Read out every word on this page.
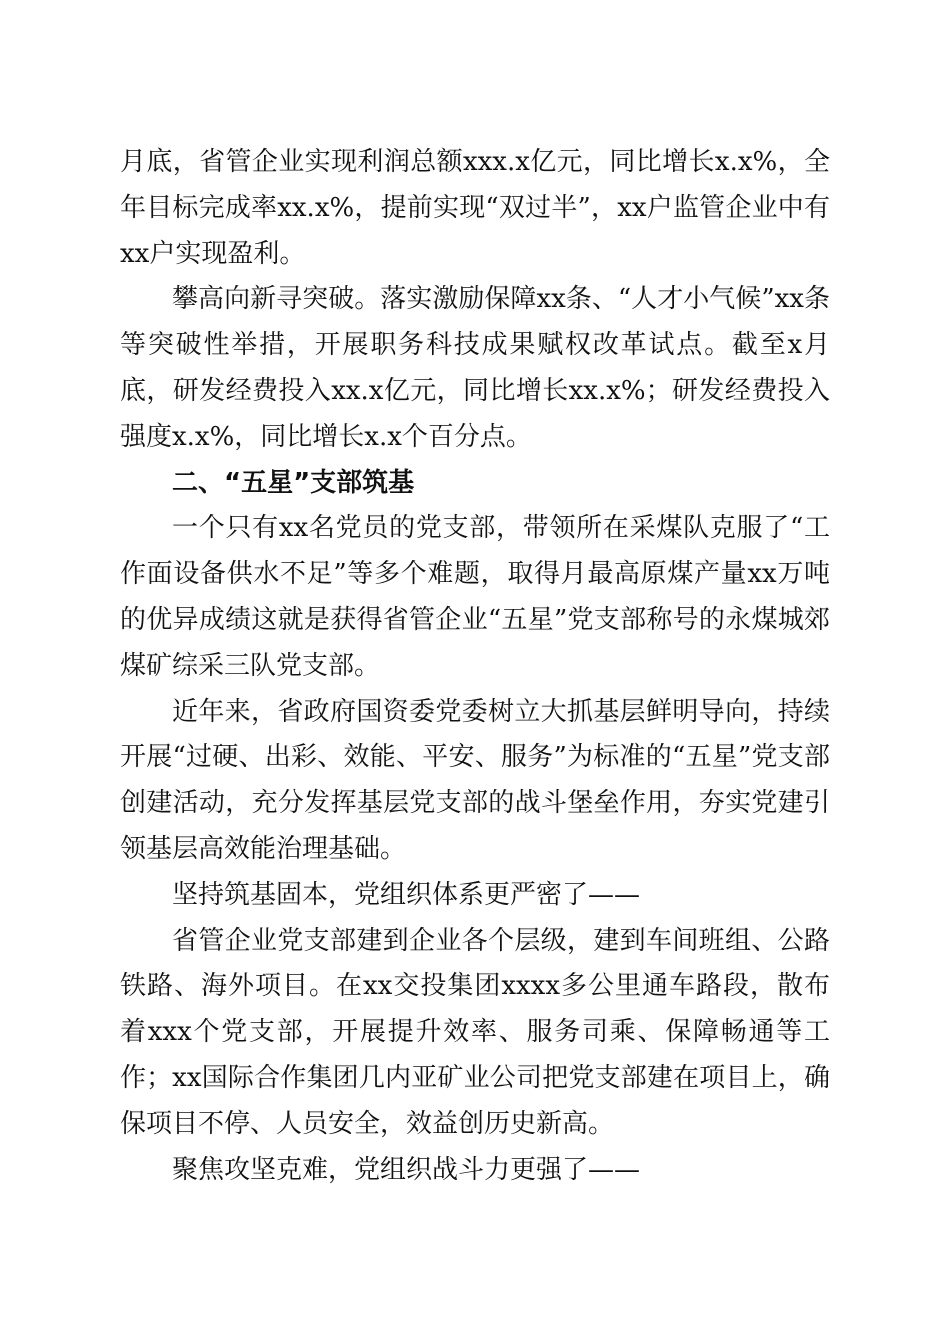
月底，省管企业实现利润总额xxx.x亿元，同比增长x.x%，全年目标完成率xx.x%，提前实现“双过半”，xx户监管企业中有xx户实现盈利。

攀高向新寻突破。落实激励保障xx条、“人才小气候”xx条等突破性举措，开展职务科技成果赋权改革试点。截至x月底，研发经费投入xx.x亿元，同比增长xx.x%；研发经费投入强度x.x%，同比增长x.x个百分点。

二、“五星”支部筑基

一个只有xx名党员的党支部，带领所在采煤队克服了“工作面设备供水不足”等多个难题，取得月最高原煤产量xx万吨的优异成绩这就是获得省管企业“五星”党支部称号的永煤城郊煤矿综采三队党支部。

近年来，省政府国资委党委树立大抓基层鲜明导向，持续开展“过硬、出彩、效能、平安、服务”为标准的“五星”党支部创建活动，充分发挥基层党支部的战斗堡垒作用，夯实党建引领基层高效能治理基础。

坚持筑基固本，党组织体系更严密了——

省管企业党支部建到企业各个层级，建到车间班组、公路铁路、海外项目。在xx交投集团xxxx多公里通车路段，散布着xxx个党支部，开展提升效率、服务司乘、保障畅通等工作；xx国际合作集团几内亚矿业公司把党支部建在项目上，确保项目不停、人员安全，效益创历史新高。

聚焦攻坚克难，党组织战斗力更强了——
